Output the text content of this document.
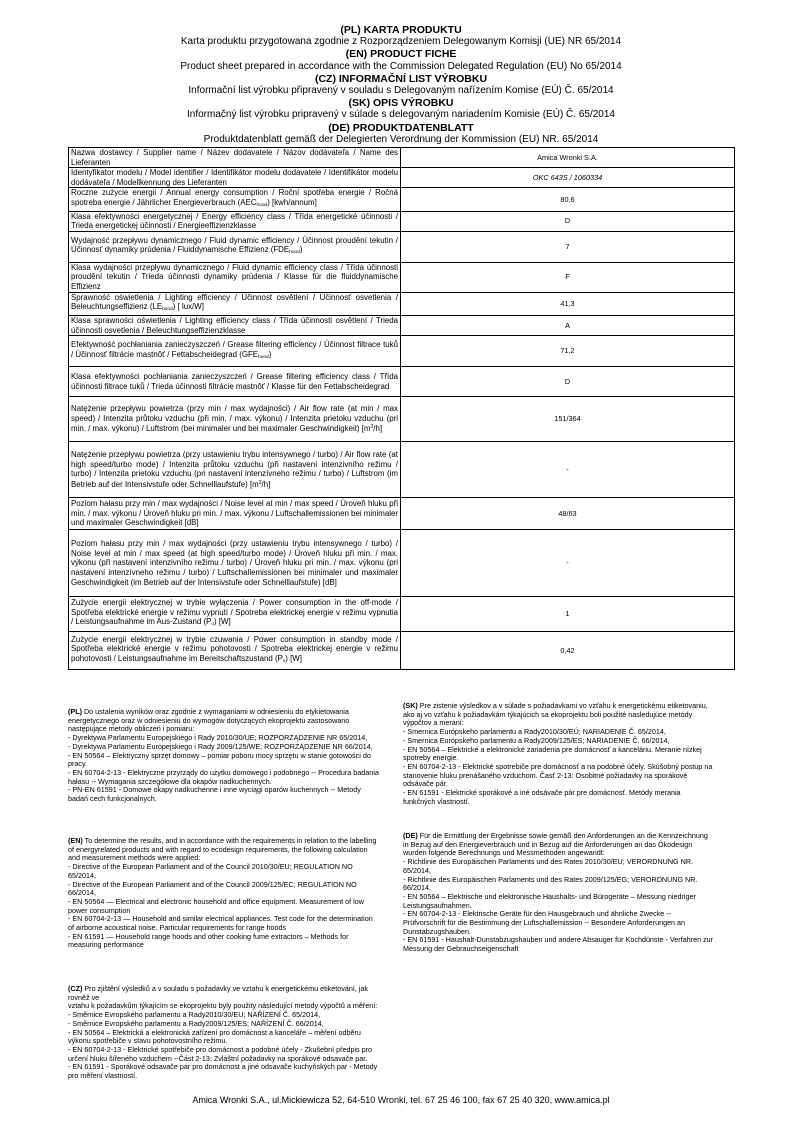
(PL) KARTA PRODUKTU
Karta produktu przygotowana zgodnie z Rozporządzeniem Delegowanym Komisji (UE) NR 65/2014
(EN) PRODUCT FICHE
Product sheet prepared in accordance with the Commission Delegated Regulation (EU) No 65/2014
(CZ) INFORMAČNÍ LIST VÝROBKU
Informační list výrobku připravený v souladu s Delegovaným nařízením Komise (EÚ) Č. 65/2014
(SK) OPIS VÝROBKU
Informačný list výrobku pripravený v súlade s delegovaným nariadením Komisie (EÚ) Č. 65/2014
(DE) PRODUKTDATENBLATT
Produktdatenblatt gemäß der Delegierten Verordnung der Kommission (EU) NR. 65/2014
Nazwa dostawcy / Supplier name / Název dodavatele / Názov dodávateľa / Name des Lieferanten	Amica Wronki S.A.
Identyfikator modelu / Model identifier / Identifikátor modelu dodavatele / Identifikátor modelu dodávateľa / Modellkennung des Lieferanten	OKC 643S / 1060334
Roczne zużycie energii / Annual energy consumption / Roční spotřeba energie / Ročná spotreba energie / Jährlicher Energieverbrauch $(AEC_{hood})$ [kwh/annum]	80,6
Klasa efektywności energetycznej / Energy efficiency class / Třída energetické účinnosti / Trieda energetickej účinnosti / Energieeffizienzklasse	D
Wydajność przepływu dynamicznego / Fluid dynamic efficiency / Účinnost proudění tekutin / Účinnosť dynamiky prúdenia / Fluiddynamische Effizienz $(FDE_{hood})$	7
Klasa wydajności przepływu dynamicznego / Fluid dynamic efficiency class / Třída účinnosti proudění tekutin / Trieda účinnosti dynamiky prúdenia / Klasse für die fluiddynamische Effizienz	F
Sprawność oświetlenia / Lighting efficiency / Účinnost osvětlení / Účinnosť osvetlenia / Beleuchtungseffizienz $(LE_{hood})$ [ lux/W]	41,3
Klasa sprawności oświetlenia / Lighting efficiency class / Třída účinnosti osvětlení / Trieda účinnosti osvetlenia / Beleuchtungseffizienzklasse	A
Efektywność pochłaniania zanieczyszczeń / Grease filtering efficiency / Účinnost filtrace tuků / Účinnosť filtrácie mastnôť / Fettabscheidegrad $(GFE_{hood})$	71,2
Klasa efektywności pochłaniania zanieczyszczeń / Grease filtering efficiency class / Třída účinnosti filtrace tuků / Trieda účinnosti filtrácie mastnôť / Klasse für den Fettabscheidegrad	D
Natężenie przepływu powietrza (przy min / max wydajności) / Air flow rate (at min / max speed) / Intenzita průtoku vzduchu (při min. / max. výkonu) / Intenzita prietoku vzduchu (pri min. / max. výkonu) / Luftstrom (bei minimaler und bei maximaler Geschwindigkeit) $[m^3/h]$	151/364
Natężenie przepływu powietrza (przy ustawieniu trybu intensywnego / turbo) / Air flow rate (at high speed/turbo mode) / Intenzita průtoku vzduchu (při nastavení intenzivního režimu / turbo) / Intenzita prietoku vzduchu (pri nastavení intenzívneho režimu / turbo) / Luftstrom (im Betrieb auf der Intensivstufe oder Schnelllaufstufe) $[m^3/h]$	-
Poziom hałasu przy min / max wydajności / Noise level at min / max speed / Úroveň hluku při min. / max. výkonu / Úroveň hluku pri min. / max. výkonu / Luftschallemissionen bei minimaler und maximaler Geschwindigkeit [dB]	48/63
Poziom hałasu przy min / max wydajności (przy ustawieniu trybu intensywnego / turbo) / Noise level at min / max speed (at high speed/turbo mode) / Úroveň hluku při min. / max. výkonu (při nastavení intenzivního režimu / turbo) / Úroveň hluku pri min. / max. výkonu (pri nastavení intenzívneho režimu / turbo) / Luftschallemissionen bei minimaler und maximaler Geschwindigkeit (im Betrieb auf der Intensivstufe oder Schnelllaufstufe) [dB]	-
Zużycie energii elektrycznej w trybie wyłączenia / Power consumption in the off-mode / Spotřeba elektrické energie v režimu vypnutí / Spotreba elektrickej energie v režimu vypnutia / Leistungsaufnahme im Aus-Zustand $(P_o)$ [W]	1
Zużycie energii elektrycznej w trybie czuwania / Power consumption in standby mode / Spotřeba elektrické energie v režimu pohotovosti / Spotreba elektrickej energie v režimu pohotovosti / Leistungsaufnahme im Bereitschaftszustand $(P_s)$ [W]	0,42
(PL) Do ustalenia wyników oraz zgodnie z wymaganiami w odniesieniu do etykietowania
energetycznego oraz w odniesieniu do wymogów dotyczących ekoprojektu zastosowano
następujące metody obliczeń i pomiaru:
- Dyrektywa Parlamentu Europejskiego i Rady 2010/30/UE; ROZPORZĄDZENIE NR 65/2014,
- Dyrektywa Parlamentu Europejskiego i Rady 2009/125/WE; ROZPORZĄDZENIE NR 66/2014,
- EN 50564 – Elektryczny sprzęt domowy – pomiar poboru mocy sprzętu w stanie gotowości do
pracy.
- EN 60704-2-13 - Elektryczne przyrządy do użytku domowego i podobnego -- Procedura badania
hałasu -- Wymagania szczegółowe dla okapów nadkuchennych.
- PN-EN 61591 - Domowe okapy nadkuchenne i inne wyciągi oparów kuchennych -- Metody
badań cech funkcjonalnych.
(EN) To determine the results, and in accordance with the requirements in relation to the labelling
of energyrelated products and with regard to ecodesign requirements, the following calculation
and measurement methods were applied:
- Directive of the European Parliament and of the Council 2010/30/EU; REGULATION NO
65/2014,
- Directive of the European Parliament and of the Council 2009/125/EC; REGULATION NO
66/2014,
- EN 50564 — Electrical and electronic household and office equipment. Measurement of low
power consumption
- EN 60704-2-13 — Household and similar electrical appliances. Test code for the determination
of airborne acoustical noise. Particular requirements for range hoods
- EN 61591 — Household range hoods and other cooking fume extractors – Methods for
measuring performance
(CZ) Pro zjištění výsledků a v souladu s požadavky ve vztahu k energetickému etiketování, jak
rovněž ve
vztahu k požadavkům týkajícím se ekoprojektu byly použity následující metody výpočtů a měření:
- Směrnice Evropského parlamentu a Rady2010/30/EU; NAŘÍZENÍ Č. 65/2014,
- Směrnice Evropského parlamentu a Rady2009/125/ES; NAŘÍZENÍ Č. 66/2014,
- EN 50564 – Elektrická a elektronická zařízení pro domácnost a kanceláře – měření odběru
výkonu spotřebiče v stavu pohotovostního režimu.
- EN 60704-2-13 - Elektrické spotřebiče pro domácnost a podobné účely - Zkušební předpis pro
určení hluku šířeného vzduchem --Část 2-13: Zvláštní požadavky na sporákové odsavače par.
- EN 61591 - Sporákové odsavače par pro domácnost a jiné odsavače kuchyňských par - Metody
pro měření vlastností.
(SK) Pre zistenie výsledkov a v súlade s požiadavkami vo vzťahu k energetickému etiketovaniu,
ako aj vo vzťahu k požiadavkám týkajúcich sa ekoprojektu boli použité nasledujúce metódy
výpočtov a meraní:
- Smernica Európskeho parlamentu a Rady2010/30/EÚ; NARIADENIE Č. 65/2014,
- Smernica Európskeho parlamentu a Rady2009/125/ES; NARIADENIE Č. 66/2014,
- EN 50564 – Elektrické a elektronické zariadenia pre domácnosť a kanceláriu. Meranie nízkej
spotreby energie.
- EN 60704-2-13 - Elektrické spotrebiče pre domácnosť a na podobné účely. Skúšobný postup na
stanovenie hluku prenášaného vzduchom. Časť 2-13: Osobitné požiadavky na sporákové
odsávače pár.
- EN 61591 - Elektrické sporákové a iné odsávače pár pre domácnosť. Metódy merania
funkčných vlastností.
(DE) Für die Ermittlung der Ergebnisse sowie gemäß den Anforderungen an die Kennzeichnung
in Bezug auf den Energieverbrauch und in Bezug auf die Anforderungen an das Ökodesign
wurden folgende Berechnungs und Messmethoden angewandt:
- Richtlinie des Europäischen Parlaments und des Rates 2010/30/EU; VERORDNUNG NR.
65/2014,
- Richtlinie des Europäischen Parlaments und des Rates 2009/125/EG; VERORDNUNG NR.
66/2014,
- EN 50564 – Elektrische und elektronische Haushalts- und Bürogeräte – Messung niedriger
Leistungsaufnahmen.
- EN 60704-2-13 - Elektrische Geräte für den Hausgebrauch und ähnliche Zwecke --
Prüfvorschrift für die Bestimmung der Luftschallemission -- Besondere Anforderungen an
Dunstabzugshauben.
- EN 61591 - Haushalt-Dunstabzugshauben und andere Absauger für Kochdünste - Verfahren zur
Messung der Gebrauchseigenschaft
Amica Wronki S.A., ul.Mickiewicza 52, 64-510 Wronki, tel. 67 25 46 100, fax 67 25 40 320, www.amica.pl
